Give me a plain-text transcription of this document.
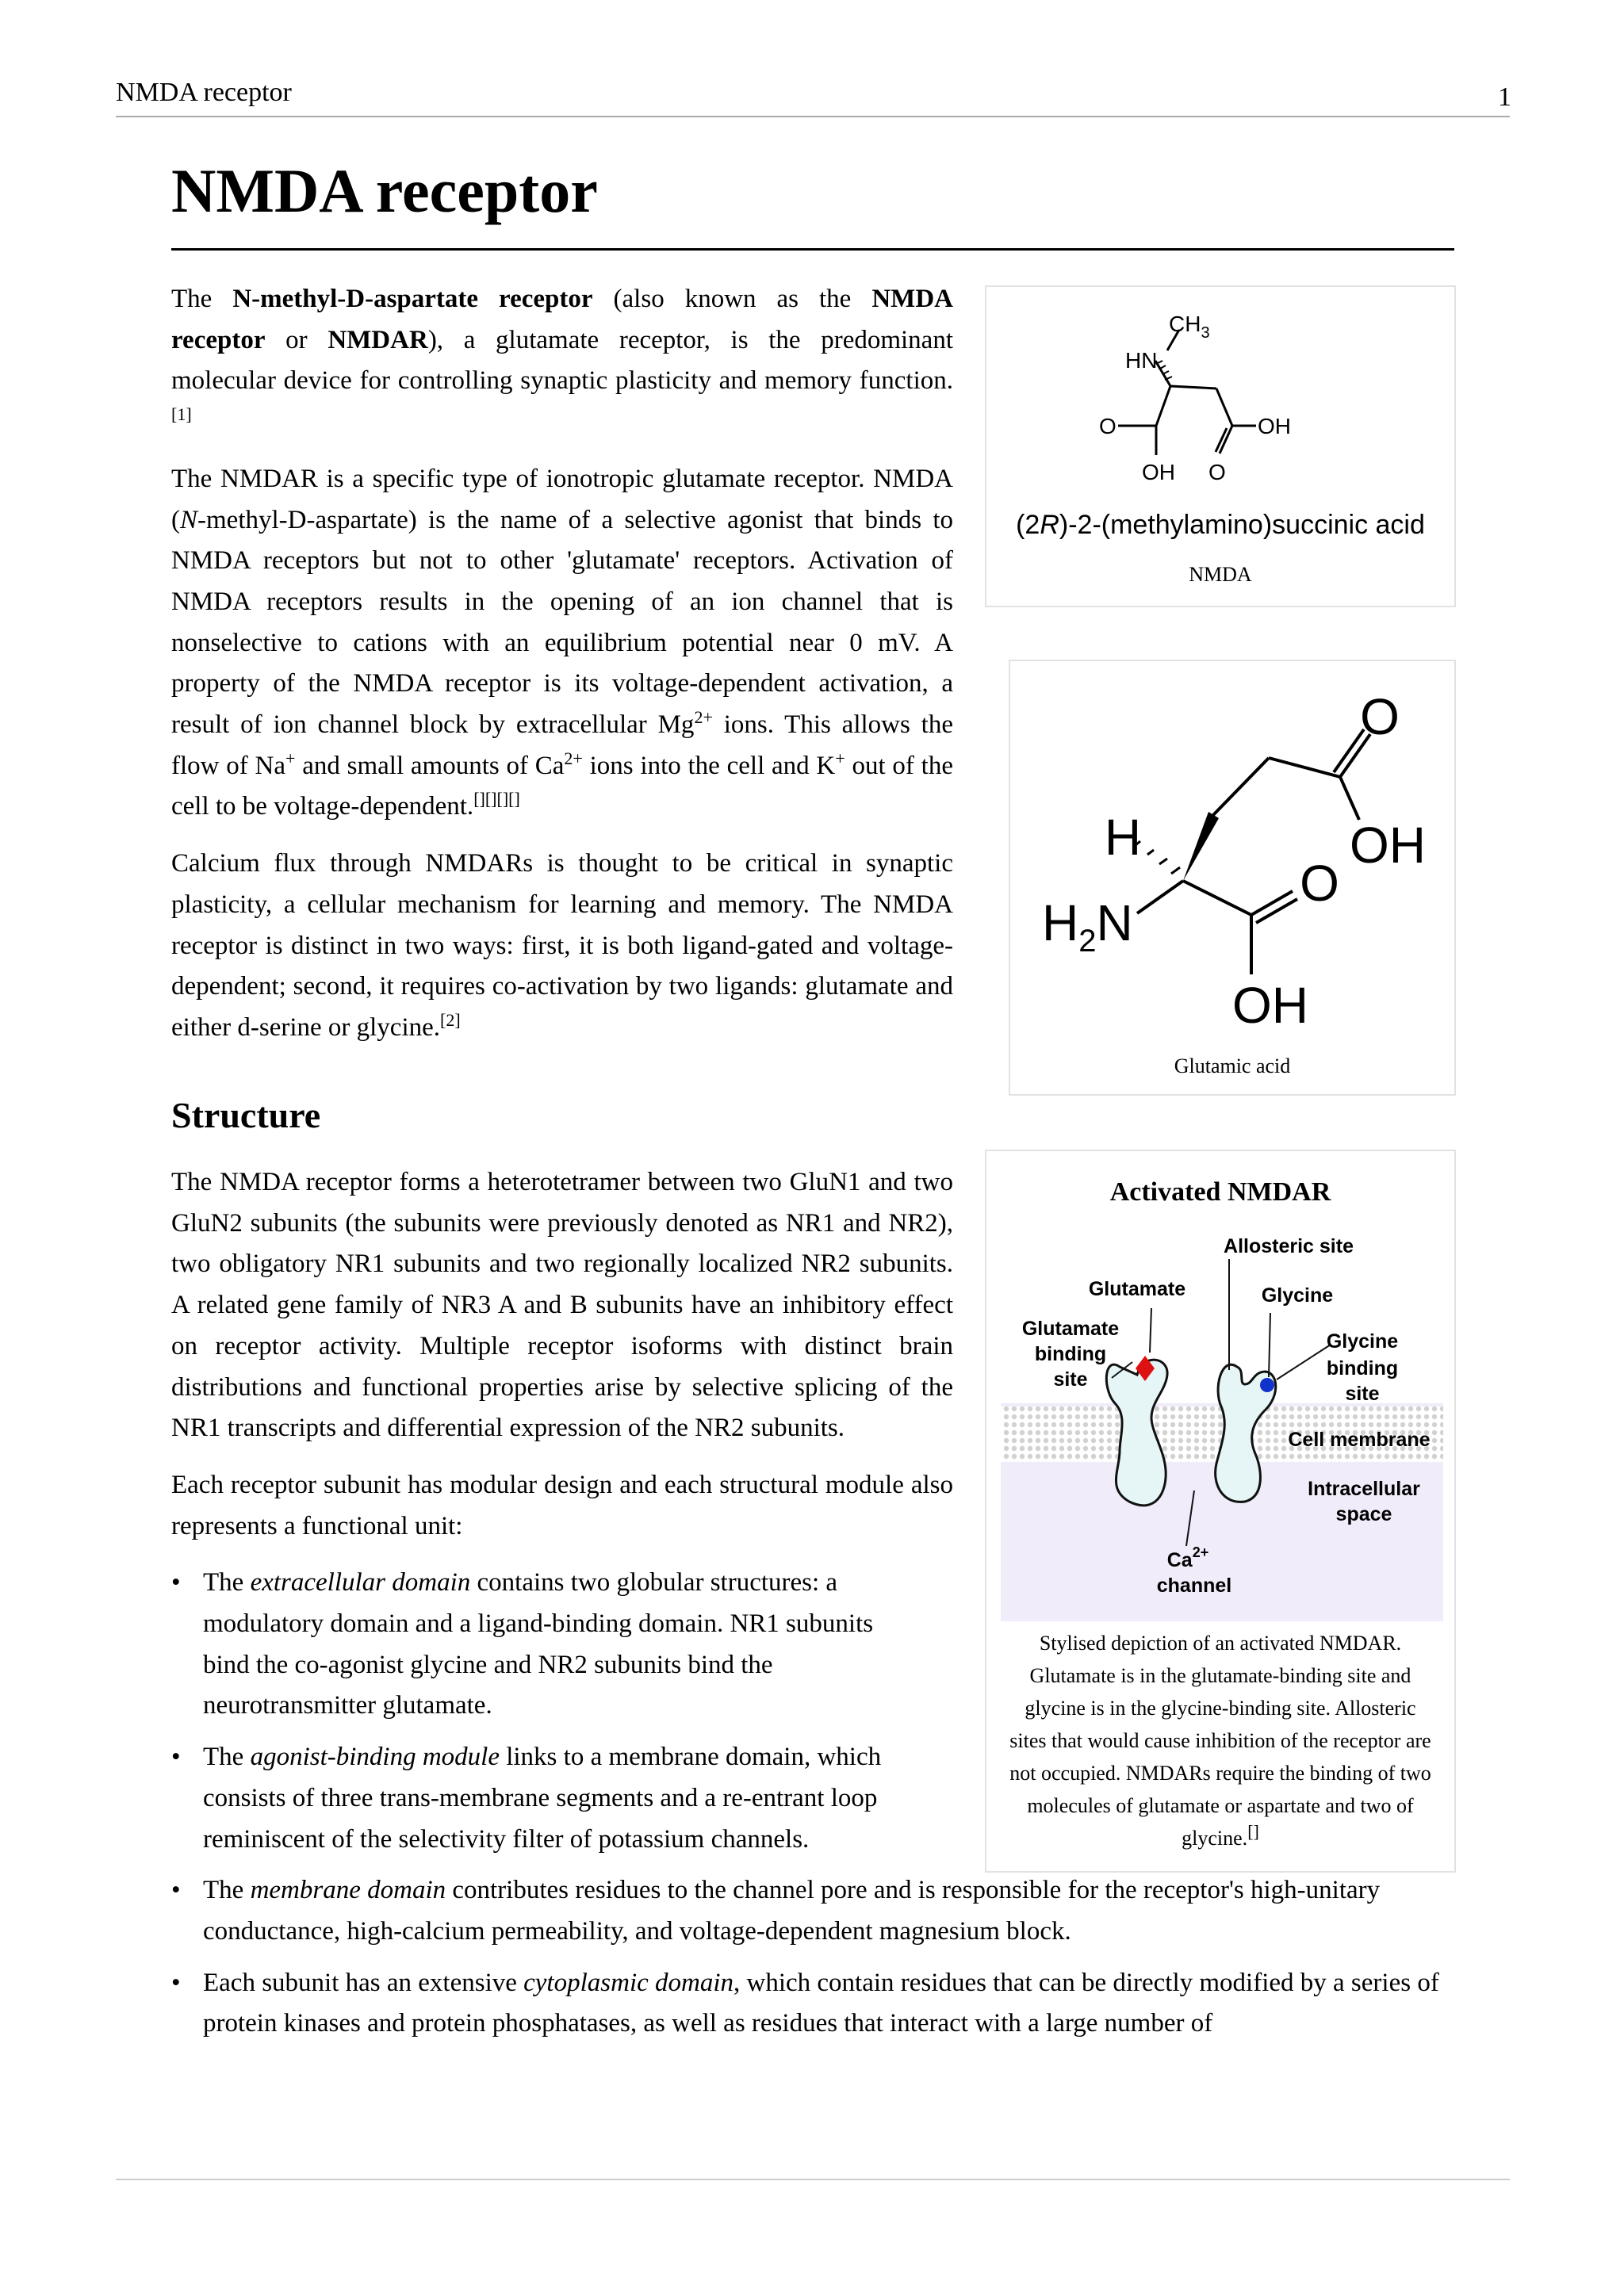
NMDA receptor	1
NMDA receptor

The N-methyl-D-aspartate receptor (also known as the NMDA receptor or NMDAR), a glutamate receptor, is the predominant molecular device for controlling synaptic plasticity and memory function.[1]

The NMDAR is a specific type of ionotropic glutamate receptor. NMDA (N-methyl-D-aspartate) is the name of a selective agonist that binds to NMDA receptors but not to other 'glutamate' receptors. Activation of NMDA receptors results in the opening of an ion channel that is nonselective to cations with an equilibrium potential near 0 mV. A property of the NMDA receptor is its voltage-dependent activation, a result of ion channel block by extracellular $Mg^{2+}$ ions. This allows the flow of Na+ and small amounts of $Ca^{2+}$ ions into the cell and K+ out of the cell to be voltage-dependent.[][][][]

Calcium flux through NMDARs is thought to be critical in synaptic plasticity, a cellular mechanism for learning and memory. The NMDA receptor is distinct in two ways: first, it is both ligand-gated and voltage-dependent; second, it requires co-activation by two ligands: glutamate and either d-serine or glycine.[2]

Structure

The NMDA receptor forms a heterotetramer between two GluN1 and two GluN2 subunits (the subunits were previously denoted as NR1 and NR2), two obligatory NR1 subunits and two regionally localized NR2 subunits. A related gene family of NR3 A and B subunits have an inhibitory effect on receptor activity. Multiple receptor isoforms with distinct brain distributions and functional properties arise by selective splicing of the NR1 transcripts and differential expression of the NR2 subunits.

Each receptor subunit has modular design and each structural module also represents a functional unit:

• The extracellular domain contains two globular structures: a modulatory domain and a ligand-binding domain. NR1 subunits bind the co-agonist glycine and NR2 subunits bind the neurotransmitter glutamate.
• The agonist-binding module links to a membrane domain, which consists of three trans-membrane segments and a re-entrant loop reminiscent of the selectivity filter of potassium channels.
• The membrane domain contributes residues to the channel pore and is responsible for the receptor's high-unitary conductance, high-calcium permeability, and voltage-dependent magnesium block.
• Each subunit has an extensive cytoplasmic domain, which contain residues that can be directly modified by a series of protein kinases and protein phosphatases, as well as residues that interact with a large number of
$CH_3$
HN
O	OH
OH O
(2R)-2-(methylamino)succinic acid
NMDA
O
OH
H
O
$H_2N$
OH
Glutamic acid
Activated NMDAR
Allosteric site
Glutamate	Glycine
Glutamate
binding
site
Glycine
binding
site
Cell membrane
Intracellular
space
$Ca^{2+}$
channel
Stylised depiction of an activated NMDAR. Glutamate is in the glutamate-binding site and glycine is in the glycine-binding site. Allosteric sites that would cause inhibition of the receptor are not occupied. NMDARs require the binding of two molecules of glutamate or aspartate and two of glycine.[]
